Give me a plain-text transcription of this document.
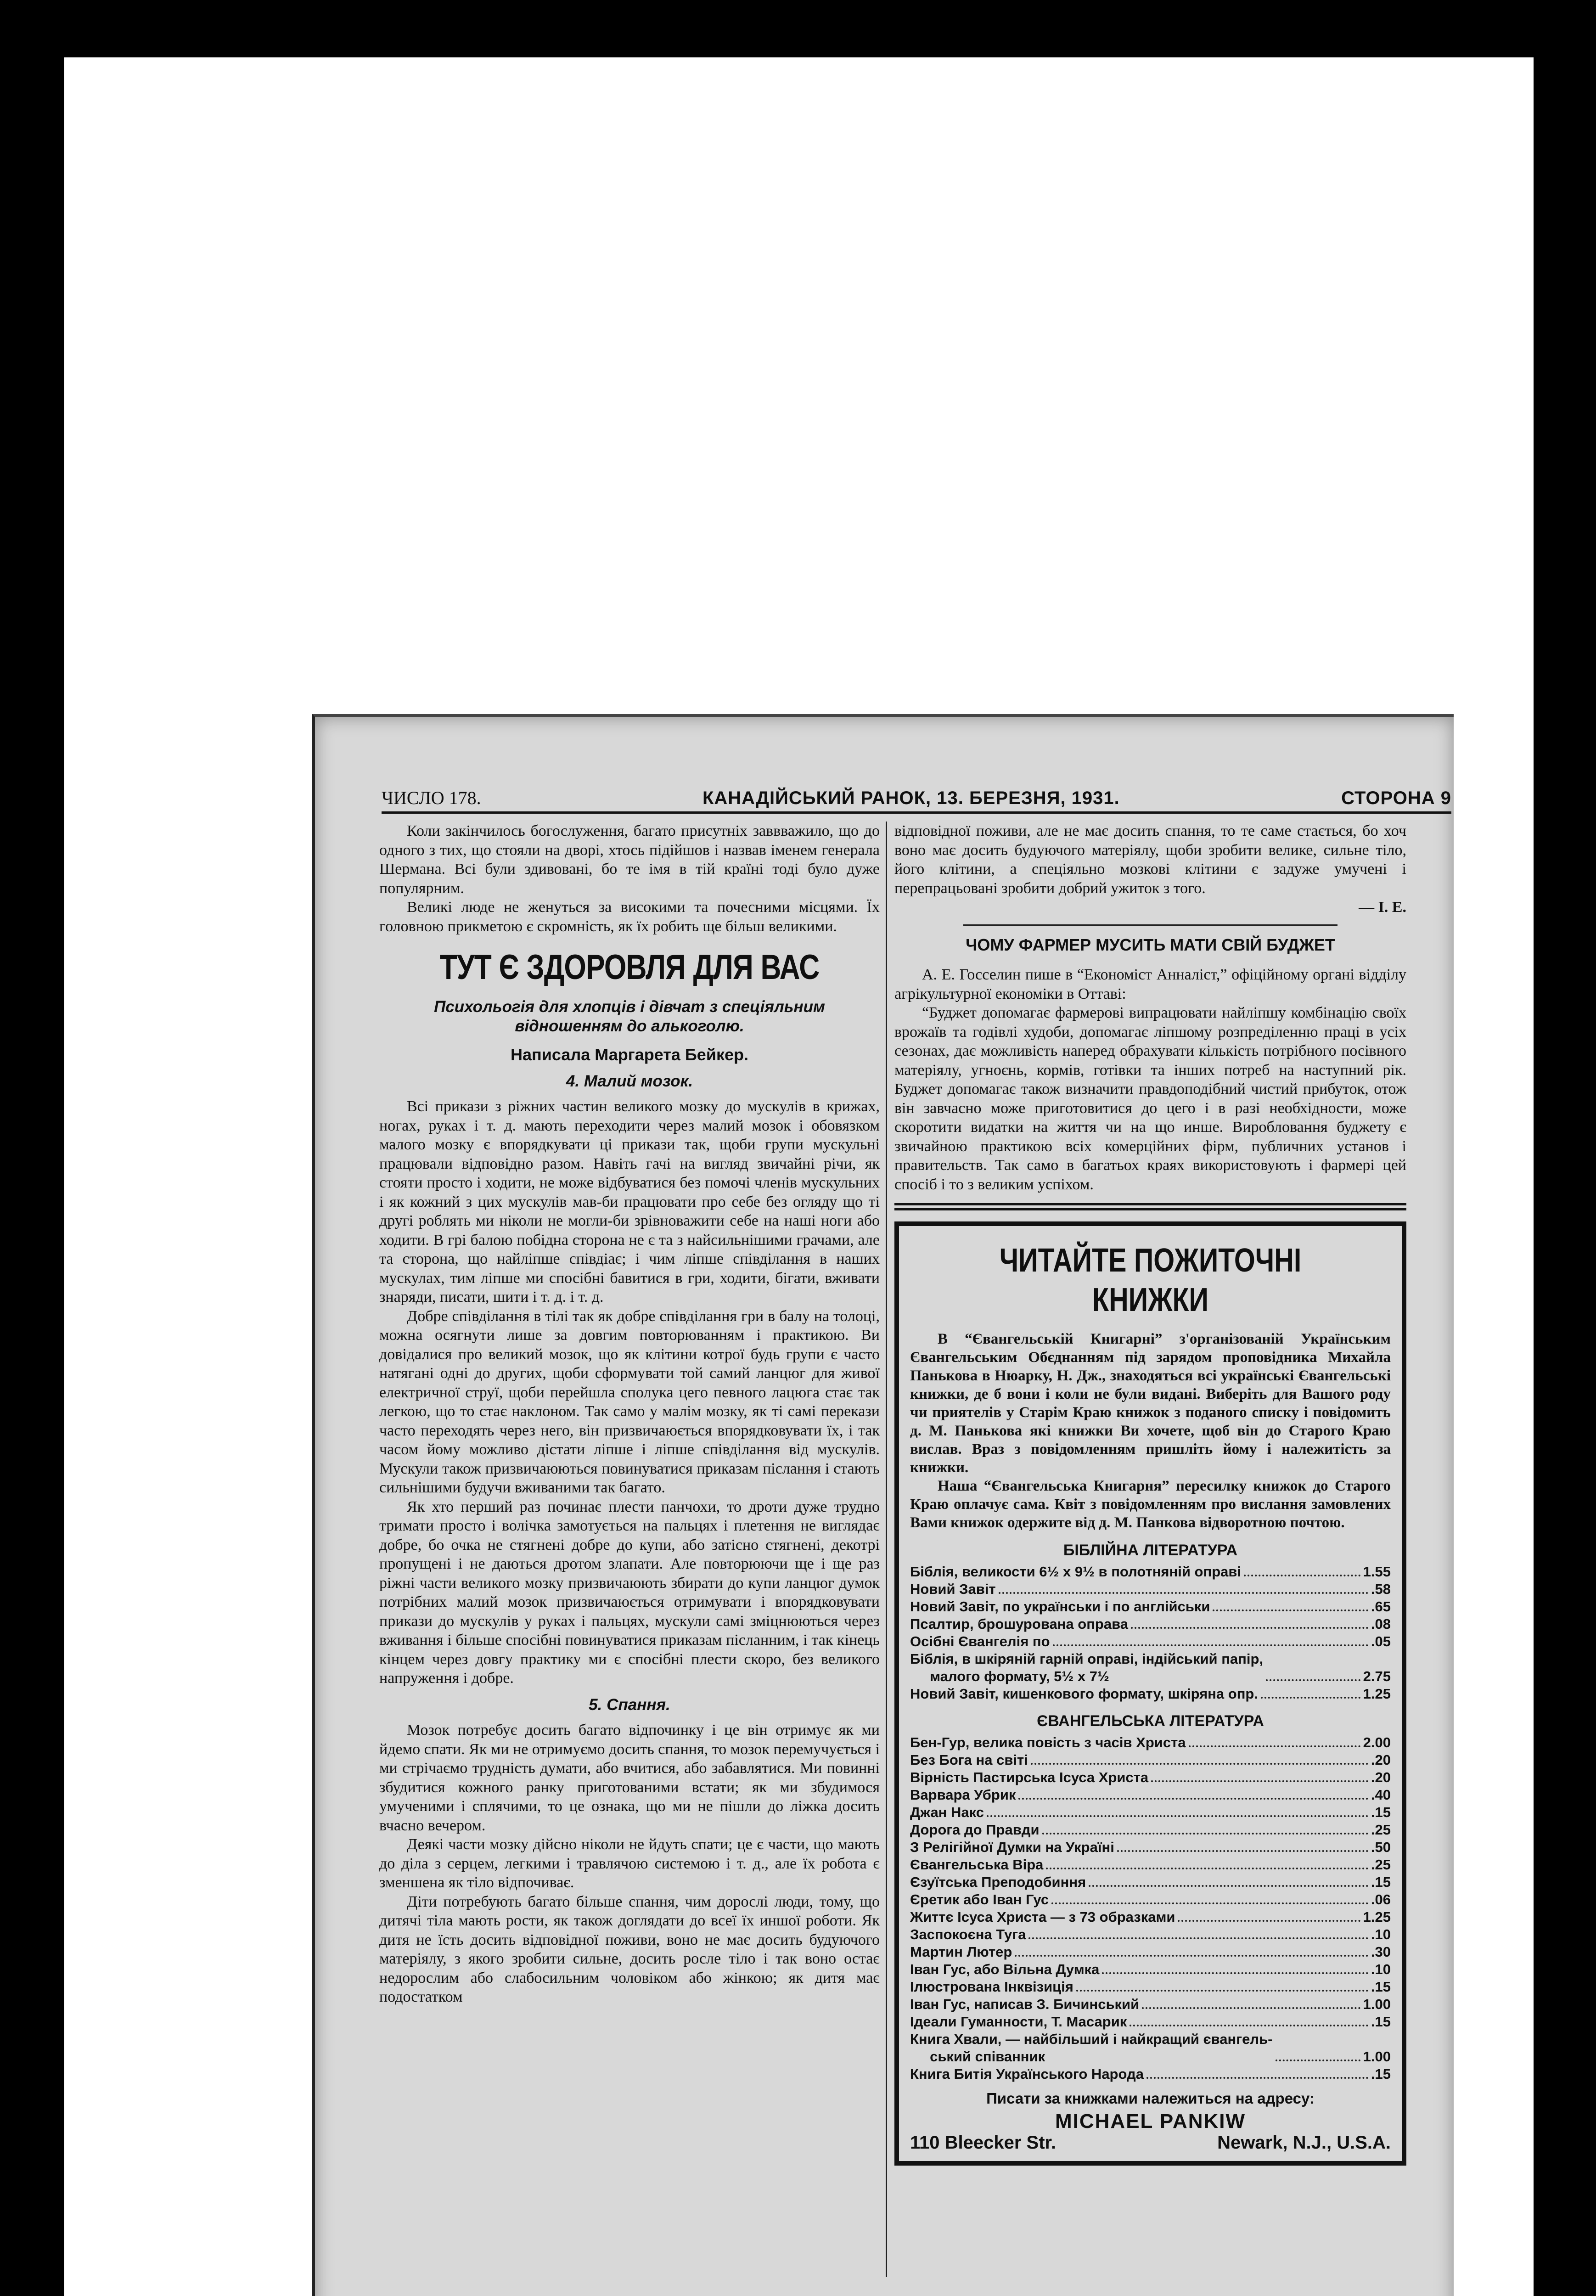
ЧИСЛО 178.	КАНАДІЙСЬКИЙ РАНОК, 13. БЕРЕЗНЯ, 1931.	СТОРОНА 9

Коли закінчилось богослуження, багато присутніх заввважило, що до одного з тих, що стояли на дворі, хтось підійшов і назвав іменем генерала Шермана. Всі були здивовані, бо те імя в тій країні тоді було дуже популярним.

Великі люде не женуться за високими та почесними місцями. Їх головною прикметою є скромність, як їх робить ще більш великими.

ТУТ Є ЗДОРОВЛЯ ДЛЯ ВАС
Психольогія для хлопців і дівчат з спеціяльним відношенням до алькоголю.
Написала Маргарета Бейкер.
4. Малий мозок.

Всі прикази з ріжних частин великого мозку до мускулів в крижах, ногах, руках і т. д. мають переходити через малий мозок і обовязком малого мозку є впорядкувати ці прикази так, щоби групи мускульні працювали відповідно разом. Навіть гачі на вигляд звичайні річи, як стояти просто і ходити, не може відбуватися без помочі членів мускульних і як кожний з цих мускулів мав-би працювати про себе без огляду що ті другі роблять ми ніколи не могли-би зрівноважити себе на наші ноги або ходити. В грі балою побідна сторона не є та з найсильнішими грачами, але та сторона, що найліпше співдіає; і чим ліпше співділання в наших мускулах, тим ліпше ми спосібні бавитися в гри, ходити, бігати, вживати знаряди, писати, шити і т. д. і т. д.

Добре співділання в тілі так як добре співділання гри в балу на толоці, можна осягнути лише за довгим повторюванням і практикою. Ви довідалися про великий мозок, що як клітини котрої будь групи є часто натягані одні до других, щоби сформувати той самий ланцюг для живої електричної струї, щоби перейшла сполука цего певного лацюга стає так легкою, що то стає наклоном. Так само у малім мозку, як ті самі перекази часто переходять через него, він призвичаюється впорядковувати їх, і так часом йому можливо дістати ліпше і ліпше співділання від мускулів. Мускули також призвичаюються повинуватися приказам післання і стають сильнішими будучи вживаними так багато.

Як хто перший раз починає плести панчохи, то дроти дуже трудно тримати просто і волічка замотується на пальцях і плетення не виглядає добре, бо очка не стягнені добре до купи, або затісно стягнені, декотрі пропущені і не даються дротом злапати. Але повторюючи ще і ще раз ріжні части великого мозку призвичаюють збирати до купи ланцюг думок потрібних малий мозок призвичаюється отримувати і впорядковувати прикази до мускулів у руках і пальцях, мускули самі зміцнюються через вживання і більше спосібні повинуватися приказам післанним, і так кінець кінцем через довгу практику ми є спосібні плести скоро, без великого напруження і добре.

5. Спання.

Мозок потребує досить багато відпочинку і це він отримує як ми йдемо спати. Як ми не отримуємо досить спання, то мозок перемучується і ми стрічаємо трудність думати, або вчитися, або забавлятися. Ми повинні збудитися кожного ранку приготованими встати; як ми збудимося умученими і сплячими, то це ознака, що ми не пішли до ліжка досить вчасно вечером.

Деякі части мозку дійсно ніколи не йдуть спати; це є части, що мають до діла з серцем, легкими і травлячою системою і т. д., але їх робота є зменшена як тіло відпочиває.

Діти потребують багато більше спання, чим дорослі люди, тому, що дитячі тіла мають рости, як також доглядати до всеї їх иншої роботи. Як дитя не їсть досить відповідної поживи, воно не має досить будуючого матеріялу, з якого зробити сильне, досить росле тіло і так воно остає недорослим або слабосильним чоловіком або жінкою; як дитя має подостатком

відповідної поживи, але не має досить спання, то те саме стається, бо хоч воно має досить будуючого матеріялу, щоби зробити велике, сильне тіло, його клітини, а спеціяльно мозкові клітини є задуже умучені і перепрацьовані зробити добрий ужиток з того.

— І. Е.
ЧОМУ ФАРМЕР МУСИТЬ МАТИ СВІЙ БУДЖЕТ

А. Е. Госселин пише в “Економіст Анналіст,” офіційному органі відділу агрікультурної економіки в Оттаві:

“Буджет допомагає фармерові випрацювати найліпшу комбінацію своїх врожаїв та годівлі худоби, допомагає ліпшому розпреділенню праці в усіх сезонах, дає можливість наперед обрахувати кількість потрібного посівного матеріялу, угноєнь, кормів, готівки та інших потреб на наступний рік. Буджет допомагає також визначити правдоподібний чистий прибуток, отож він завчасно може приготовитися до цего і в разі необхідности, може скоротити видатки на життя чи на що инше. Виробловання буджету є звичайною практикою всіх комерційних фірм, публичних установ і правительств. Так само в багатьох краях використовують і фармері цей спосіб і то з великим успіхом.

ЧИТАЙТЕ ПОЖИТОЧНІ КНИЖКИ

В “Євангельській Книгарні” з'органiзованій Українським Євангельським Обєднанням під зарядом проповідника Михайла Панькова в Нюарку, Н. Дж., знаходяться всі українські Євангельські книжки, де б вони і коли не були видані. Виберіть для Вашого роду чи приятелів у Старім Краю книжок з поданого списку і повідомить д. М. Панькова які книжки Ви хочете, щоб він до Старого Краю вислав. Враз з повідомленням пришліть йому і належитість за книжки.

Наша “Євангельська Книгарня” пересилку книжок до Старого Краю оплачує сама. Квіт з повідомленням про вислання замовлених Вами книжок одержите від д. М. Панкова відворотною почтою.

БІБЛІЙНА ЛІТЕРАТУРА
Біблія, великости 6½ х 9½ в полотняній оправі	1.55
Новий Завіт	.58
Новий Завіт, по українськи і по англійськи	.65
Псалтир, брошурована оправа	.08
Осібні Євангелія по	.05
Біблія, в шкіряній гарній оправі, індійський папір,
малого формату, 5½ х 7½	2.75
Новий Завіт, кишенкового формату, шкіряна опр.	1.25
ЄВАНГЕЛЬСЬКА ЛІТЕРАТУРА
Бен-Гур, велика повість з часів Христа	2.00
Без Бога на світі	.20
Вірність Пастирська Ісуса Христа	.20
Варвара Убрик	.40
Джан Накс	.15
Дорога до Правди	.25
З Релігійної Думки на Україні	.50
Євангельська Віра	.25
Єзуїтська Преподобиння	.15
Єретик або Іван Гус	.06
Життє Ісуса Христа — з 73 образками	1.25
Заспокоєна Туга	.10
Мартин Лютер	.30
Іван Гус, або Вільна Думка	.10
Ілюстрована Інквізиція	.15
Іван Гус, написав З. Бичинський	1.00
Ідеали Гуманности, Т. Масарик	.15
Книга Хвали, — найбільший і найкращий євангель-
ський співанник	1.00
Книга Битія Українського Народа	.15
Писати за книжками належиться на адресу:
MICHAEL PANKIW
110 Bleecker Str.	Newark, N.J., U.S.A.
